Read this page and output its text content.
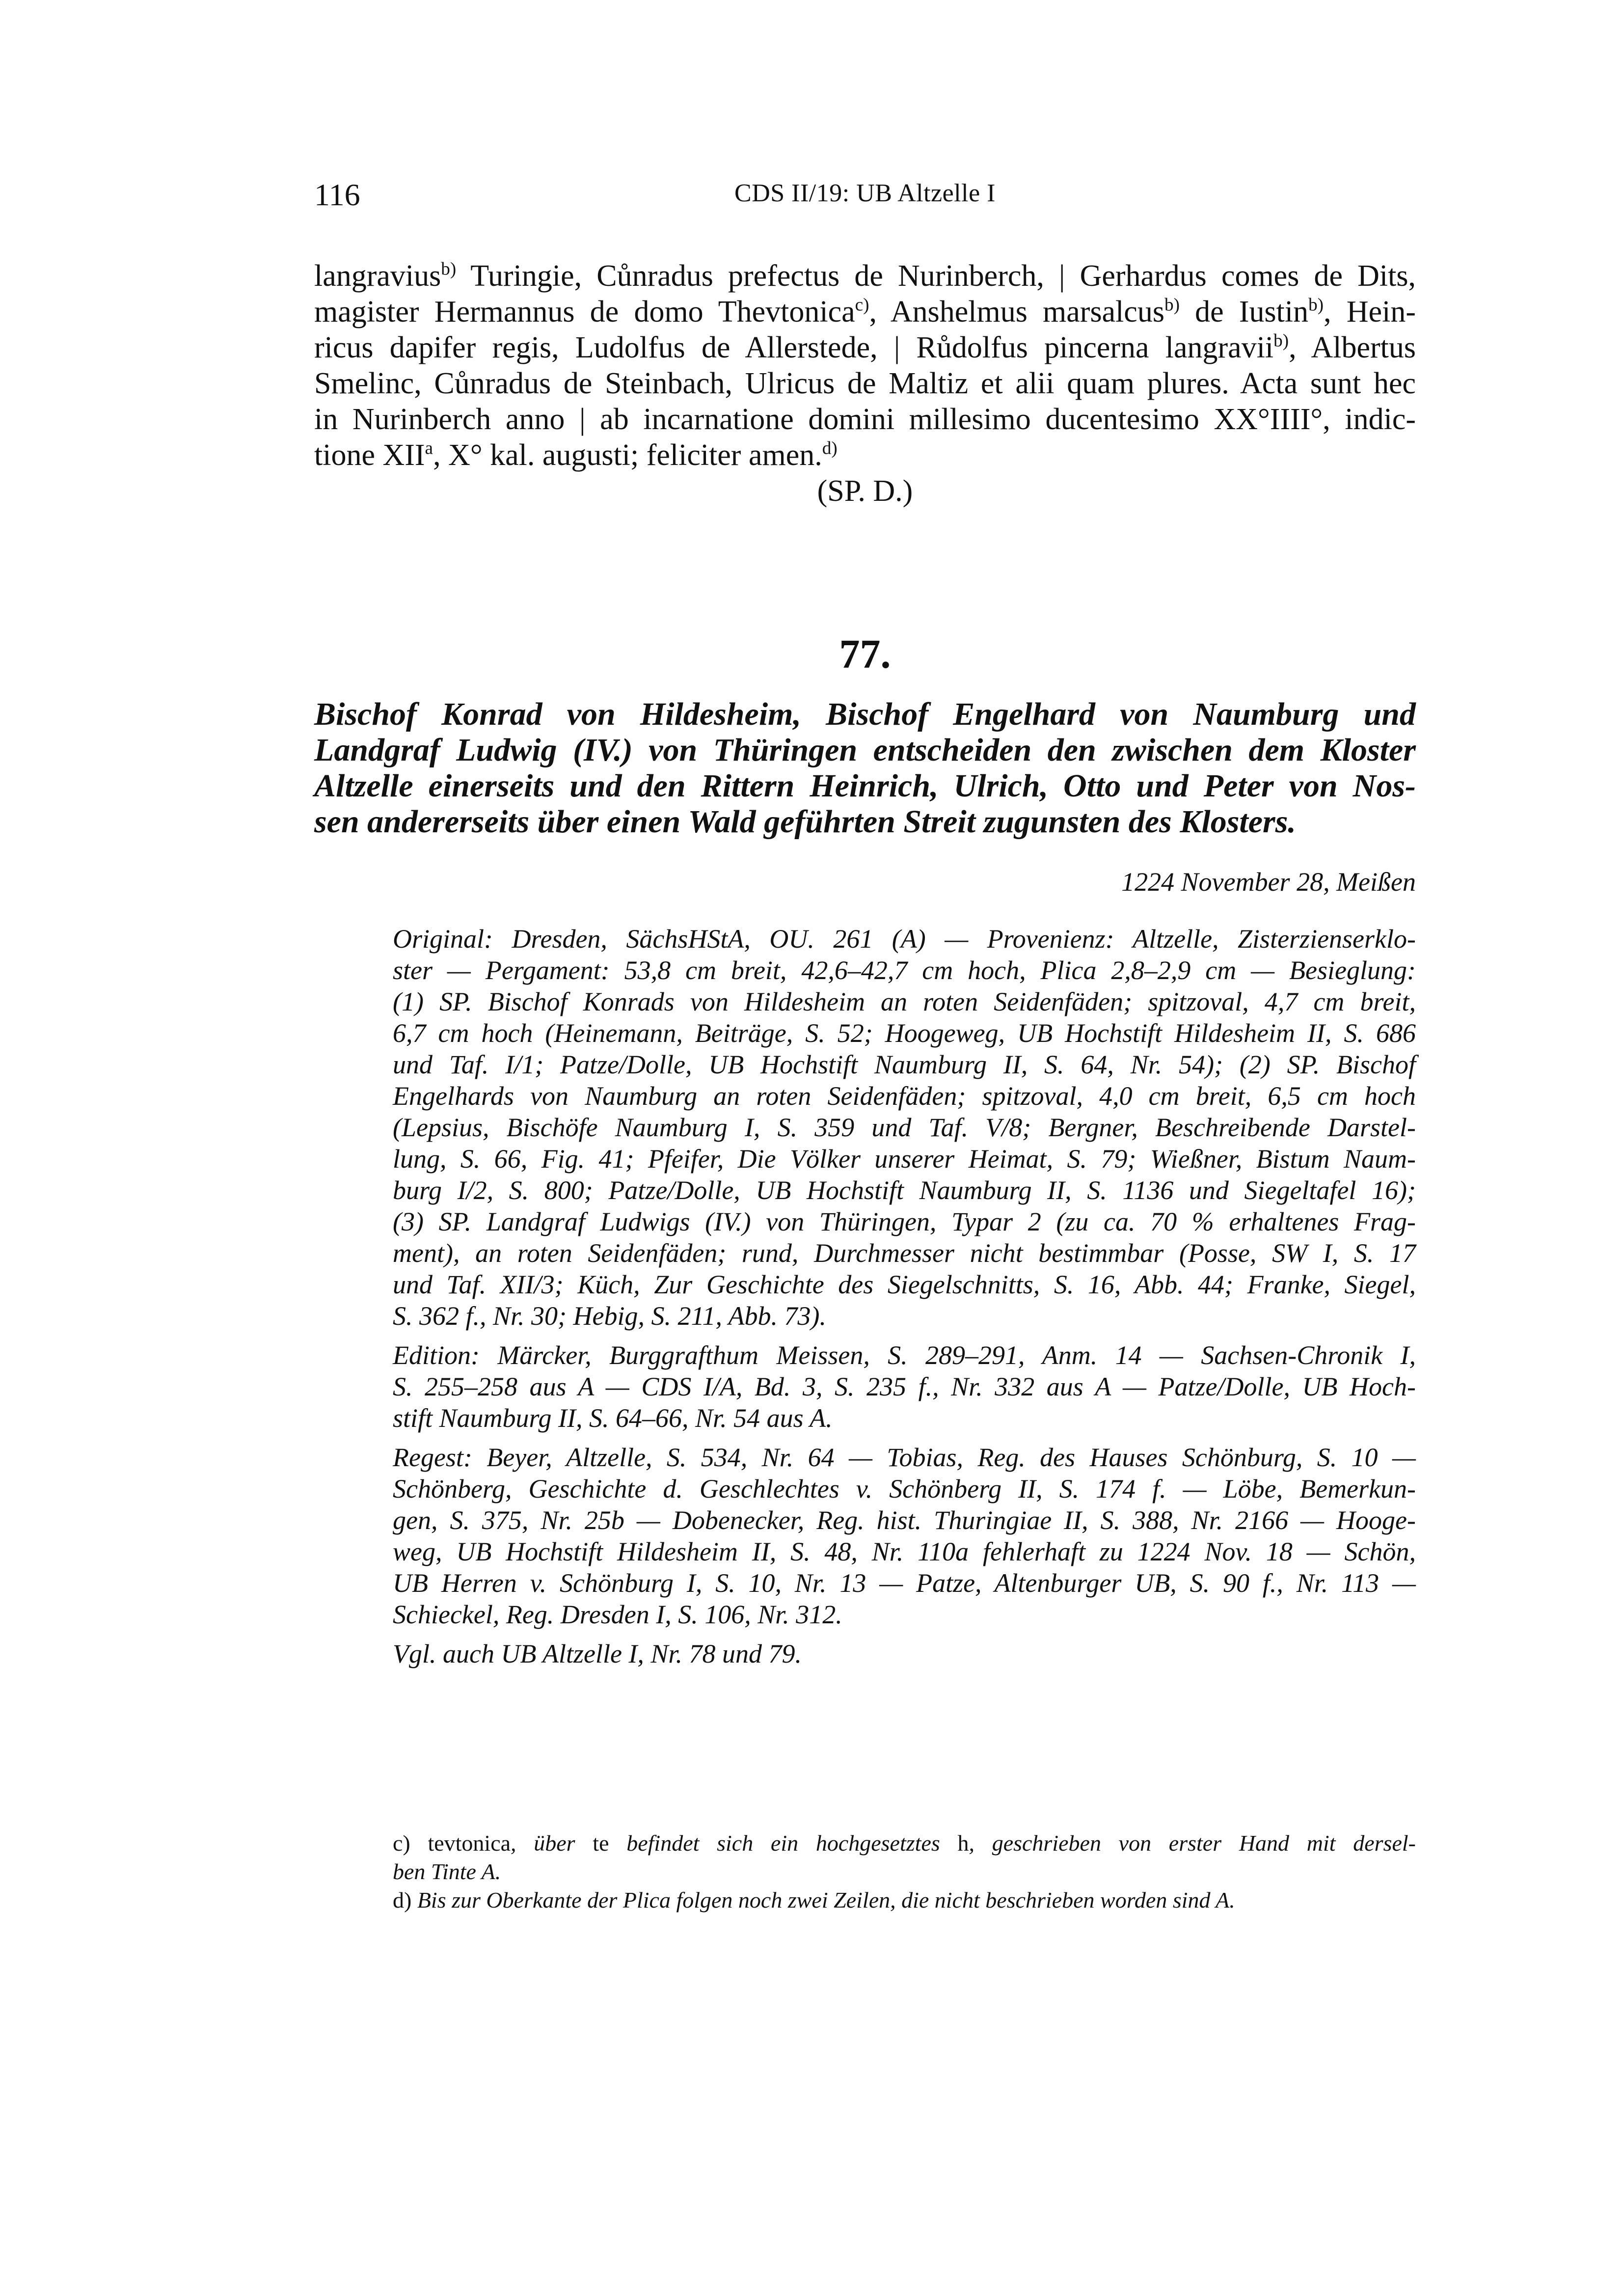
116	CDS II/19: UB Altzelle I

langravius$^{b)}$ Turingie, Cůnradus prefectus de Nurinberch, | Gerhardus comes de Dits,

magister Hermannus de domo Thevtonica$^{c)}$, Anshelmus marsalcus$^{b)}$ de Iustin$^{b)}$, Hein-

ricus dapifer regis, Ludolfus de Allerstede, | Růdolfus pincerna langravii$^{b)}$, Albertus

Smelinc, Cůnradus de Steinbach, Ulricus de Maltiz et alii quam plures. Acta sunt hec

in Nurinberch anno | ab incarnatione domini millesimo ducentesimo XX°IIII°, indic-

tione XII$^a$, X° kal. augusti; feliciter amen.$^{d)}$

(SP. D.)
77.
Bischof Konrad von Hildesheim, Bischof Engelhard von Naumburg und
Landgraf Ludwig (IV.) von Thüringen entscheiden den zwischen dem Kloster
Altzelle einerseits und den Rittern Heinrich, Ulrich, Otto und Peter von Nos-
sen andererseits über einen Wald geführten Streit zugunsten des Klosters.
1224 November 28, Meißen
Original: Dresden, SächsHStA, OU. 261 (A) — Provenienz: Altzelle, Zisterzienserklo-
ster — Pergament: 53,8 cm breit, 42,6–42,7 cm hoch, Plica 2,8–2,9 cm — Besieglung:
(1) SP. Bischof Konrads von Hildesheim an roten Seidenfäden; spitzoval, 4,7 cm breit,
6,7 cm hoch (Heinemann, Beiträge, S. 52; Hoogeweg, UB Hochstift Hildesheim II, S. 686
und Taf. I/1; Patze/Dolle, UB Hochstift Naumburg II, S. 64, Nr. 54); (2) SP. Bischof
Engelhards von Naumburg an roten Seidenfäden; spitzoval, 4,0 cm breit, 6,5 cm hoch
(Lepsius, Bischöfe Naumburg I, S. 359 und Taf. V/8; Bergner, Beschreibende Darstel-
lung, S. 66, Fig. 41; Pfeifer, Die Völker unserer Heimat, S. 79; Wießner, Bistum Naum-
burg I/2, S. 800; Patze/Dolle, UB Hochstift Naumburg II, S. 1136 und Siegeltafel 16);
(3) SP. Landgraf Ludwigs (IV.) von Thüringen, Typar 2 (zu ca. 70 % erhaltenes Frag-
ment), an roten Seidenfäden; rund, Durchmesser nicht bestimmbar (Posse, SW I, S. 17
und Taf. XII/3; Küch, Zur Geschichte des Siegelschnitts, S. 16, Abb. 44; Franke, Siegel,
S. 362 f., Nr. 30; Hebig, S. 211, Abb. 73).
Edition: Märcker, Burggrafthum Meissen, S. 289–291, Anm. 14 — Sachsen-Chronik I,
S. 255–258 aus A — CDS I/A, Bd. 3, S. 235 f., Nr. 332 aus A — Patze/Dolle, UB Hoch-
stift Naumburg II, S. 64–66, Nr. 54 aus A.
Regest: Beyer, Altzelle, S. 534, Nr. 64 — Tobias, Reg. des Hauses Schönburg, S. 10 —
Schönberg, Geschichte d. Geschlechtes v. Schönberg II, S. 174 f. — Löbe, Bemerkun-
gen, S. 375, Nr. 25b — Dobenecker, Reg. hist. Thuringiae II, S. 388, Nr. 2166 — Hooge-
weg, UB Hochstift Hildesheim II, S. 48, Nr. 110a fehlerhaft zu 1224 Nov. 18 — Schön,
UB Herren v. Schönburg I, S. 10, Nr. 13 — Patze, Altenburger UB, S. 90 f., Nr. 113 —
Schieckel, Reg. Dresden I, S. 106, Nr. 312.
Vgl. auch UB Altzelle I, Nr. 78 und 79.
c) tevtonica, über te befindet sich ein hochgesetztes h, geschrieben von erster Hand mit dersel-
ben Tinte A.
d) Bis zur Oberkante der Plica folgen noch zwei Zeilen, die nicht beschrieben worden sind A.
